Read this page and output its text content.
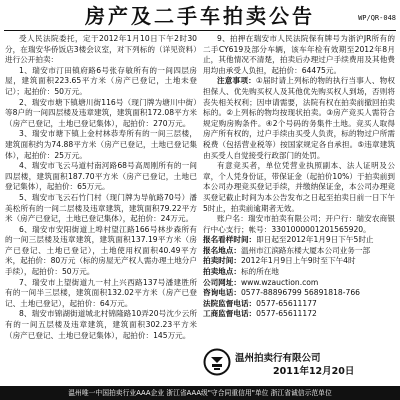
房产及二手车拍卖公告	WP/QR-048

受人民法院委托，定于2012年1月10日下午2时30分，在瑞安华侨饭店3楼会议室，对下列标的（详见资料）进行公开拍卖：

1、瑞安市汀田镇府路6号张存敏所有的一间四层房屋，建筑面积223.65平方米（房产已登记，土地未登记）；起拍价：50万元。

2、瑞安市塘下镇塘川街116号（现门牌为塘川中街）等8户的一间四层楼及违章建筑，建筑面积172.08平方米（房产已登记，土地已登记集体），起拍价：270万元。

3、瑞安市塘下镇上金村林恭寿所有的一间三层楼，建筑面积约为74.88平方米（房产已登记，土地已登记集体），起拍价：25万元。

4、瑞安市飞云马道村南河路68号高周刚所有的一间四层楼，建筑面积187.70平方米（房产已登记，土地已登记集体），起拍价：65万元。

5、瑞安市飞云石竹门村（现门牌为导航路70号）潘美松所有的一间二层楼及违章建筑，建筑面积79.22平方米（房产已登记，土地已登记集体），起拍价：24万元。

6、瑞安市安阳街道上埠村望江路166号林步森所有的一间三层楼及违章建筑，建筑面积137.19平方米（房产已登记、土地已登记），土地使用权面积40.49平方米，起拍价：80万元（标的房屋无产权人需办理土地分户手续），起拍价：50万元。

7、瑞安市上望街道九一村上兴西路137号潘建胜所有的一间半三层楼，建筑面积132.02平方米（房产已登记、土地已登记），起拍价：64万元。

8、瑞安市锦湖街道城北村锦隆路10弄20号沈少云所有的一间五层楼及违章建筑，建筑面积302.23平方米（房产已登记、土地已登记集体），起拍价：145万元。

9、拍押在瑞安市人民法院保有牌号为浙沪JR所有的二手CY619及部分车辆，该车年检有效期至2012年8月止，其他情况不清楚，拍卖后办理过户手续费用及其他费用均由承受人负担，起拍价：64475元。

注意事项：①届时请上列标的物的执行当事人、物权担保人、优先购买权人及其他优先购买权人到场，否则将丧失相关权利；因申请需要，法院有权在拍卖前撤回拍卖标的。②上列标的物均按现状拍卖。③房产竞买人需符合规定购房购条件。④2个号码的务集件土地。竞买人取得房产所有权的，过户手续由买受人负责，标的物过户所需税费（包括营业税等）按国家规定各自承担。⑤违章建筑由买受人自觉接受行政部门的处罚。

有意竞买者，单位凭营业执照副本、法人证明及公章，个人凭身份证，带保证金（起拍价10%）于拍卖前到本公司办理竞买登记手续，并缴纳保证金，本公司办理竞买登记截止时间为本公告发布之日起至拍卖日前一日下午5时止，拍卖前逾期者无效。

账户名：瑞安市拍卖有限公司；开户行：瑞安农商银行中心支行；帐号：3301000001201565920。

报名看样时间：即日起至2012年1月9日下午5时止

报名地点：温州市江滨路东楼大厦本公司业务一部

拍卖时间：2012年1月9日上午9时至下午4时

拍卖地点：标的所在地

公司网址：www.wzauction.com

咨询电话：0577-88896799 56891818-766

法院监督电话：0577-65611177

工商监督电话：0577-65611172

温州拍卖行有限公司
2011年12月20日
温州唯一中国拍卖行业AAA企业 浙江省AAA级"守合同重信用"单位 浙江省诚信示范单位
